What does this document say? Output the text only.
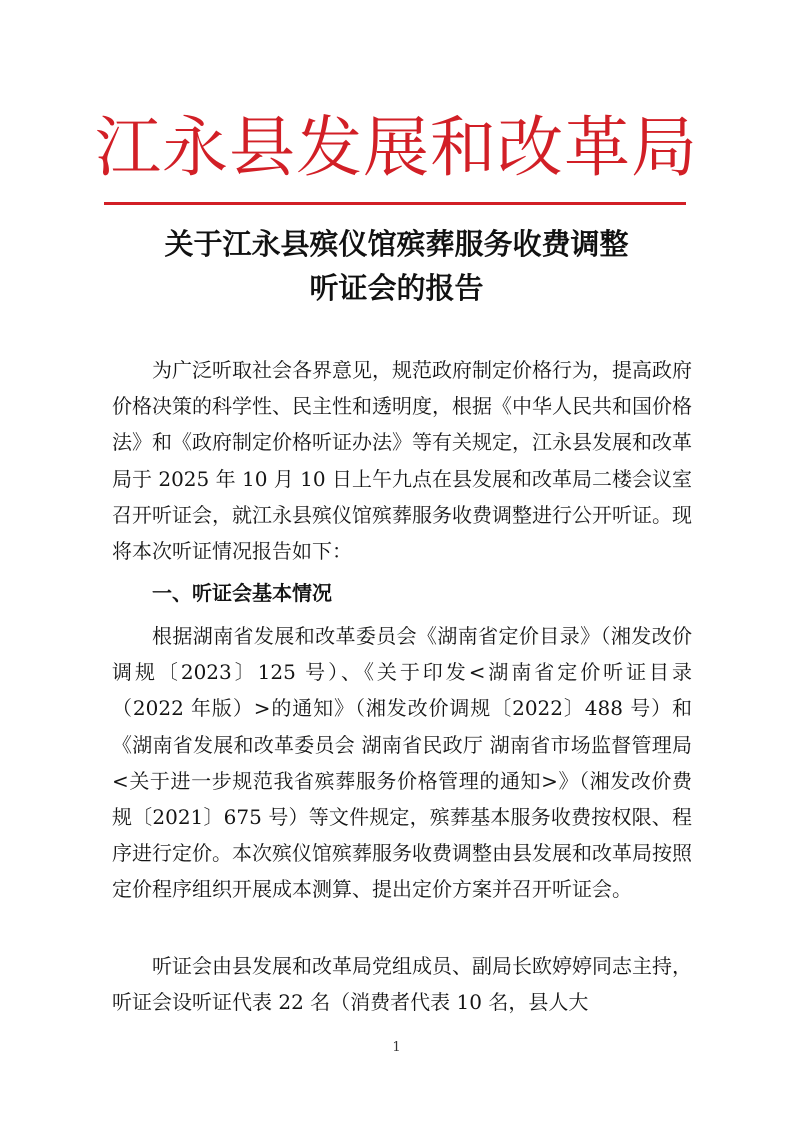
江永县发展和改革局
关于江永县殡仪馆殡葬服务收费调整
听证会的报告

为广泛听取社会各界意见，规范政府制定价格行为，提高政府价格决策的科学性、民主性和透明度，根据《中华人民共和国价格法》和《政府制定价格听证办法》等有关规定，江永县发展和改革局于 2025 年 10 月 10 日上午九点在县发展和改革局二楼会议室召开听证会，就江永县殡仪馆殡葬服务收费调整进行公开听证。现将本次听证情况报告如下：

一、听证会基本情况

根据湖南省发展和改革委员会《湖南省定价目录》（湘发改价调规〔2023〕125 号）、《关于印发<湖南省定价听证目录（2022 年版）>的通知》（湘发改价调规〔2022〕488 号）和《湖南省发展和改革委员会 湖南省民政厅 湖南省市场监督管理局<关于进一步规范我省殡葬服务价格管理的通知>》（湘发改价费规〔2021〕675 号）等文件规定，殡葬基本服务收费按权限、程序进行定价。本次殡仪馆殡葬服务收费调整由县发展和改革局按照定价程序组织开展成本测算、提出定价方案并召开听证会。

听证会由县发展和改革局党组成员、副局长欧婷婷同志主持，听证会设听证代表 22 名（消费者代表 10 名，县人大

1
